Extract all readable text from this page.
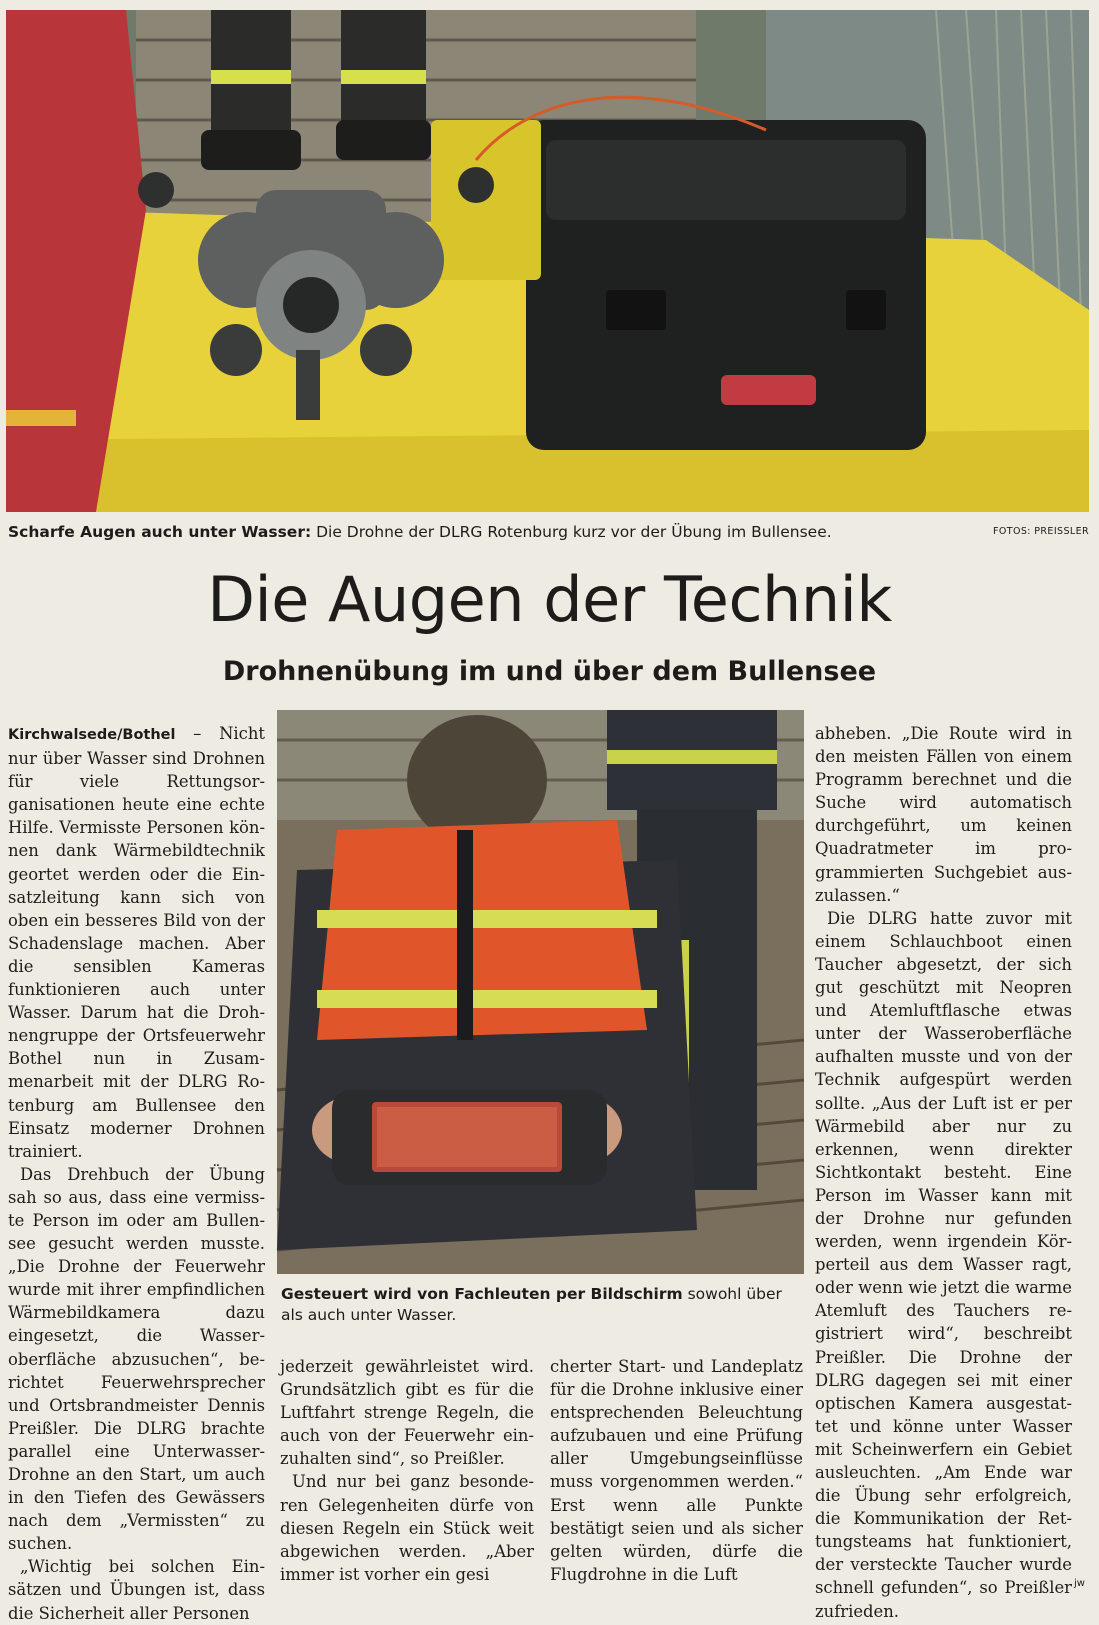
Scharfe Augen auch unter Wasser: Die Drohne der DLRG Rotenburg kurz vor der Übung im Bullensee.	FOTOS: PREISSLER
Die Augen der Technik
Drohnenübung im und über dem Bullensee

Kirchwalsede/Bothel – Nicht nur über Wasser sind Drohnen für viele Rettungsorganisationen heute eine echte Hilfe. Vermisste Personen können dank Wärmebildtechnik geortet werden oder die Einsatzleitung kann sich von oben ein besseres Bild von der Schadenslage machen. Aber die sensiblen Kameras funktionieren auch unter Wasser. Darum hat die Drohnengruppe der Ortsfeuerwehr Bothel nun in Zusammenarbeit mit der DLRG Rotenburg am Bullensee den Einsatz moderner Drohnen trainiert.

Das Drehbuch der Übung sah so aus, dass eine vermisste Person im oder am Bullensee gesucht werden musste. „Die Drohne der Feuerwehr wurde mit ihrer empfindlichen Wärmebildkamera dazu eingesetzt, die Wasseroberfläche abzusuchen“, berichtet Feuerwehrsprecher und Ortsbrandmeister Dennis Preißler. Die DLRG brachte parallel eine Unterwasser-Drohne an den Start, um auch in den Tiefen des Gewässers nach dem „Vermissten“ zu suchen.

„Wichtig bei solchen Einsätzen und Übungen ist, dass die Sicherheit aller Personen

Gesteuert wird von Fachleuten per Bildschirm sowohl über als auch unter Wasser.

jederzeit gewährleistet wird. Grundsätzlich gibt es für die Luftfahrt strenge Regeln, die auch von der Feuerwehr einzuhalten sind“, so Preißler.

Und nur bei ganz besonderen Gelegenheiten dürfe von diesen Regeln ein Stück weit abgewichen werden. „Aber immer ist vorher ein gesi

cherter Start- und Landeplatz für die Drohne inklusive einer entsprechenden Beleuchtung aufzubauen und eine Prüfung aller Umgebungseinflüsse muss vorgenommen werden.“ Erst wenn alle Punkte bestätigt seien und als sicher gelten würden, dürfe die Flugdrohne in die Luft

abheben. „Die Route wird in den meisten Fällen von einem Programm berechnet und die Suche wird automatisch durchgeführt, um keinen Quadratmeter im programmierten Suchgebiet auszulassen.“

Die DLRG hatte zuvor mit einem Schlauchboot einen Taucher abgesetzt, der sich gut geschützt mit Neopren und Atemluftflasche etwas unter der Wasseroberfläche aufhalten musste und von der Technik aufgespürt werden sollte. „Aus der Luft ist er per Wärmebild aber nur zu erkennen, wenn direkter Sichtkontakt besteht. Eine Person im Wasser kann mit der Drohne nur gefunden werden, wenn irgendein Körperteil aus dem Wasser ragt, oder wenn wie jetzt die warme Atemluft des Tauchers registriert wird“, beschreibt Preißler. Die Drohne der DLRG dagegen sei mit einer optischen Kamera ausgestattet und könne unter Wasser mit Scheinwerfern ein Gebiet ausleuchten. „Am Ende war die Übung sehr erfolgreich, die Kommunikation der Rettungsteams hat funktioniert, der versteckte Taucher wurde schnell gefunden“, so Preißler zufrieden.

jw
